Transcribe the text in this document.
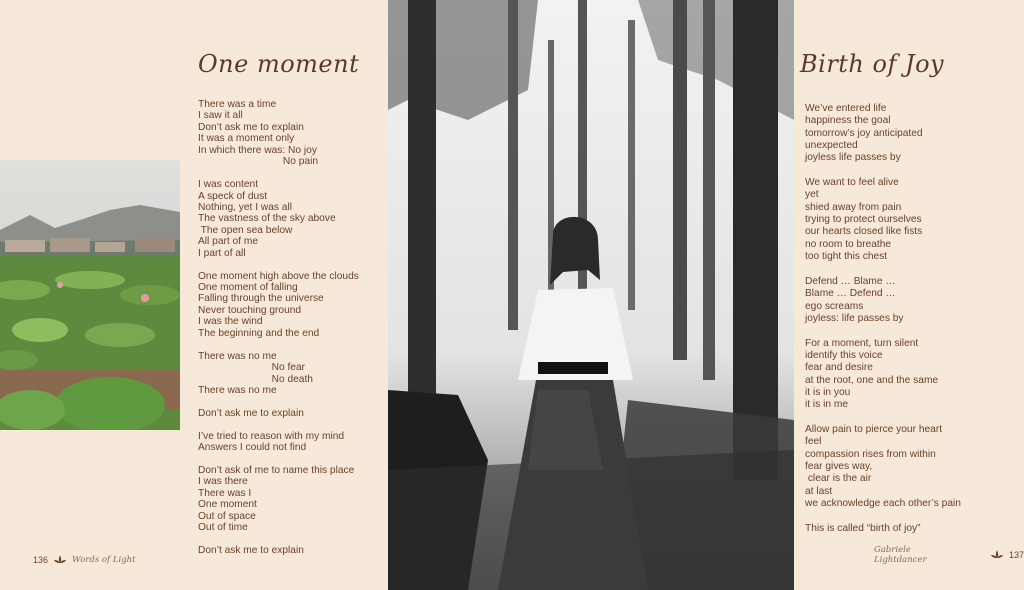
One moment
There was a time
I saw it all
Don’t ask me to explain
It was a moment only
In which there was: No joy
No pain
I was content
A speck of dust
Nothing, yet I was all
The vastness of the sky above
The open sea below
All part of me
I part of all
One moment high above the clouds
One moment of falling
Falling through the universe
Never touching ground
I was the wind
The beginning and the end
There was no me
No fear
No death
There was no me
Don’t ask me to explain
I’ve tried to reason with my mind
Answers I could not find
Don’t ask of me to name this place
I was there
There was I
One moment
Out of space
Out of time
Don’t ask me to explain
136	Words of Light
Birth of Joy
We’ve entered life
happiness the goal
tomorrow’s joy anticipated
unexpected
joyless life passes by
We want to feel alive
yet
shied away from pain
trying to protect ourselves
our hearts closed like fists
no room to breathe
too tight this chest
Defend … Blame …
Blame … Defend …
ego screams
joyless: life passes by
For a moment, turn silent
identify this voice
fear and desire
at the root, one and the same
it is in you
it is in me
Allow pain to pierce your heart
feel
compassion rises from within
fear gives way,
clear is the air
at last
we acknowledge each other’s pain
This is called “birth of joy”
Gabriele Lightdancer	137
